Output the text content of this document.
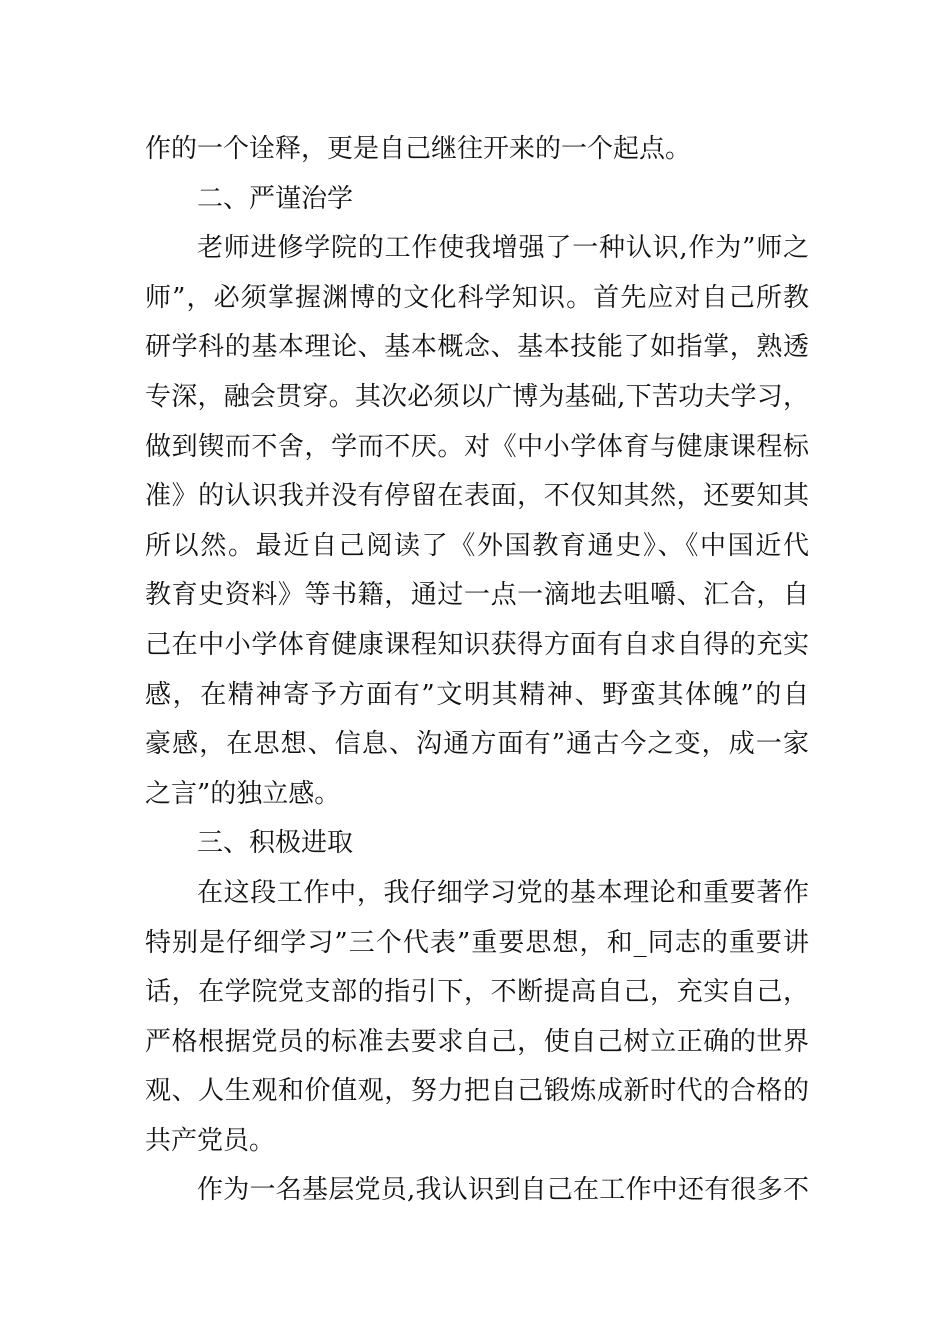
作的一个诠释，更是自己继往开来的一个起点。
二、严谨治学
老师进修学院的工作使我增强了一种认识,作为”师之
师”，必须掌握渊博的文化科学知识。首先应对自己所教
研学科的基本理论、基本概念、基本技能了如指掌，熟透
专深，融会贯穿。其次必须以广博为基础,下苦功夫学习，
做到锲而不舍，学而不厌。对《中小学体育与健康课程标
准》的认识我并没有停留在表面，不仅知其然，还要知其
所以然。最近自己阅读了《外国教育通史》、《中国近代
教育史资料》等书籍，通过一点一滴地去咀嚼、汇合，自
己在中小学体育健康课程知识获得方面有自求自得的充实
感，在精神寄予方面有”文明其精神、野蛮其体魄”的自
豪感，在思想、信息、沟通方面有”通古今之变，成一家
之言”的独立感。
三、积极进取
在这段工作中，我仔细学习党的基本理论和重要著作
特别是仔细学习”三个代表”重要思想，和_同志的重要讲
话，在学院党支部的指引下，不断提高自己，充实自己，
严格根据党员的标准去要求自己，使自己树立正确的世界
观、人生观和价值观，努力把自己锻炼成新时代的合格的
共产党员。
作为一名基层党员,我认识到自己在工作中还有很多不
